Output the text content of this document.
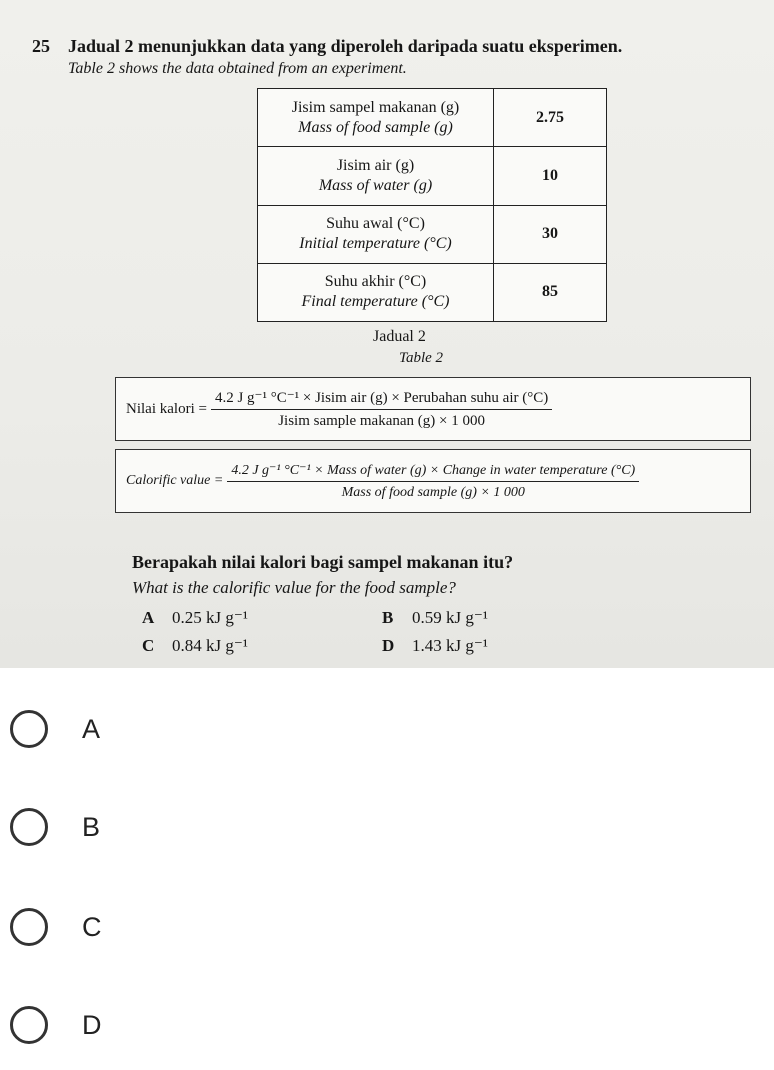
25 Jadual 2 menunjukkan data yang diperoleh daripada suatu eksperimen.
Table 2 shows the data obtained from an experiment.
Jisim sampel makanan (g)
Mass of food sample (g)	2.75

Jisim air (g)
Mass of water (g)	10

Suhu awal (°C)
Initial temperature (°C)	30

Suhu akhir (°C)
Final temperature (°C)	85
Jadual 2
Table 2
Nilai kalori = $\frac{\text{4.2 J g⁻¹ °C⁻¹ × Jisim air (g) × Perubahan suhu air (°C)}}{\text{Jisim sample makanan (g) × 1 000}}$
Calorific value =
4.2 J g⁻¹ °C⁻¹ × Mass of water (g) × Change in water temperature (°C)
Mass of food sample (g) × 1 000
Berapakah nilai kalori bagi sampel makanan itu?
What is the calorific value for the food sample?
A 0.25 kJ g⁻¹	B 0.59 kJ g⁻¹
C 0.84 kJ g⁻¹	D 1.43 kJ g⁻¹
A
B
C
D
